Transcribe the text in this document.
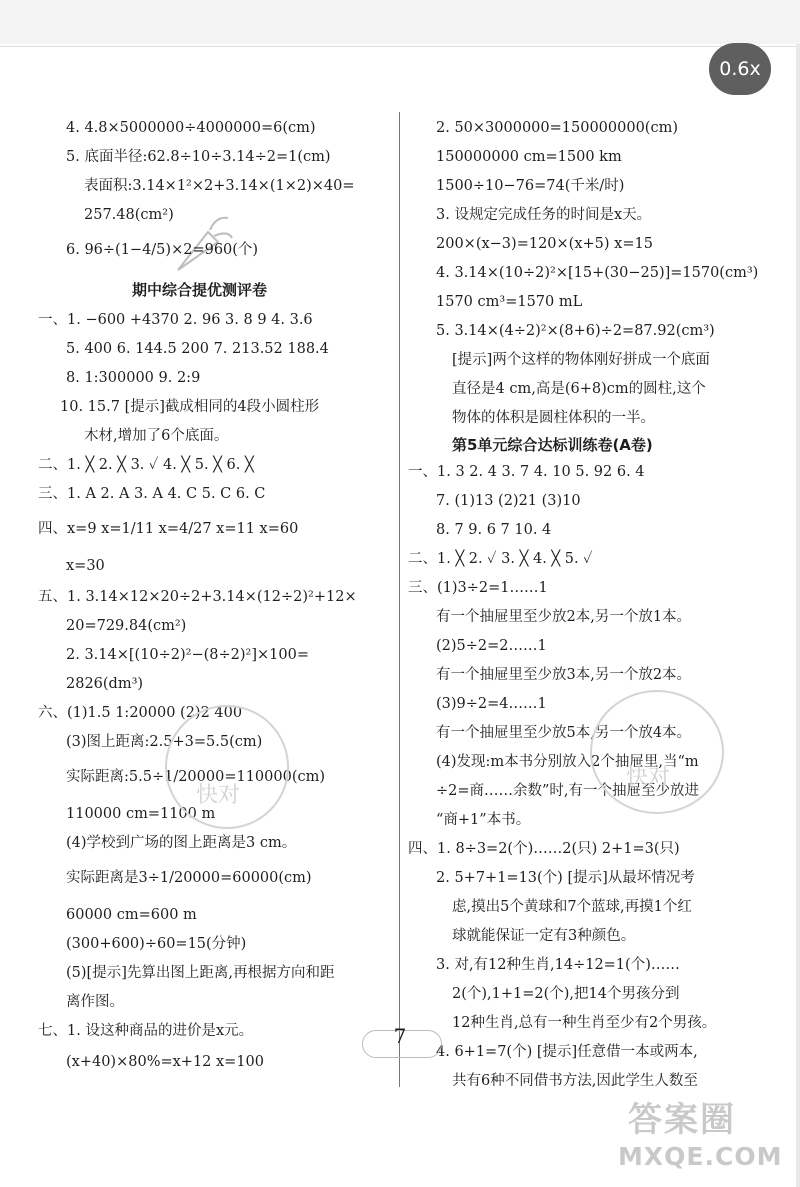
0.6x
4. 4.8×5000000÷4000000=6(cm)
5. 底面半径:62.8÷10÷3.14÷2=1(cm)
表面积:3.14×1²×2+3.14×(1×2)×40=
257.48(cm²)
6. 96÷(1−4/5)×2=960(个)
期中综合提优测评卷
一、1. −600 +4370 2. 96 3. 8 9 4. 3.6
5. 400 6. 144.5 200 7. 213.52 188.4
8. 1:300000 9. 2:9
10. 15.7 [提示]截成相同的4段小圆柱形
木材,增加了6个底面。
二、1. ╳ 2. ╳ 3. ✓ 4. ╳ 5. ╳ 6. ╳
三、1. A 2. A 3. A 4. C 5. C 6. C
四、x=9 x=1/11 x=4/27 x=11 x=60
x=30
五、1. 3.14×12×20÷2+3.14×(12÷2)²+12×
20=729.84(cm²)
2. 3.14×[(10÷2)²−(8÷2)²]×100=
2826(dm³)
六、(1)1.5 1:20000 (2)2 400
(3)图上距离:2.5+3=5.5(cm)
实际距离:5.5÷1/20000=110000(cm)
110000 cm=1100 m
(4)学校到广场的图上距离是3 cm。
实际距离是3÷1/20000=60000(cm)
60000 cm=600 m
(300+600)÷60=15(分钟)
(5)[提示]先算出图上距离,再根据方向和距
离作图。
七、1. 设这种商品的进价是x元。
(x+40)×80%=x+12 x=100
2. 50×3000000=150000000(cm)
150000000 cm=1500 km
1500÷10−76=74(千米/时)
3. 设规定完成任务的时间是x天。
200×(x−3)=120×(x+5) x=15
4. 3.14×(10÷2)²×[15+(30−25)]=1570(cm³)
1570 cm³=1570 mL
5. 3.14×(4÷2)²×(8+6)÷2=87.92(cm³)
[提示]两个这样的物体刚好拼成一个底面
直径是4 cm,高是(6+8)cm的圆柱,这个
物体的体积是圆柱体积的一半。
第5单元综合达标训练卷(A卷)
一、1. 3 2. 4 3. 7 4. 10 5. 92 6. 4
7. (1)13 (2)21 (3)10
8. 7 9. 6 7 10. 4
二、1. ╳ 2. ✓ 3. ╳ 4. ╳ 5. ✓
三、(1)3÷2=1……1
有一个抽屉里至少放2本,另一个放1本。
(2)5÷2=2……1
有一个抽屉里至少放3本,另一个放2本。
(3)9÷2=4……1
有一个抽屉里至少放5本,另一个放4本。
(4)发现:m本书分别放入2个抽屉里,当“m
÷2=商……余数”时,有一个抽屉至少放进
“商+1”本书。
四、1. 8÷3=2(个)……2(只) 2+1=3(只)
2. 5+7+1=13(个) [提示]从最坏情况考
虑,摸出5个黄球和7个蓝球,再摸1个红
球就能保证一定有3种颜色。
3. 对,有12种生肖,14÷12=1(个)……
2(个),1+1=2(个),把14个男孩分到
12种生肖,总有一种生肖至少有2个男孩。
4. 6+1=7(个) [提示]任意借一本或两本,
共有6种不同借书方法,因此学生人数至
快对
快对
7
答案圈
MXQE.COM
